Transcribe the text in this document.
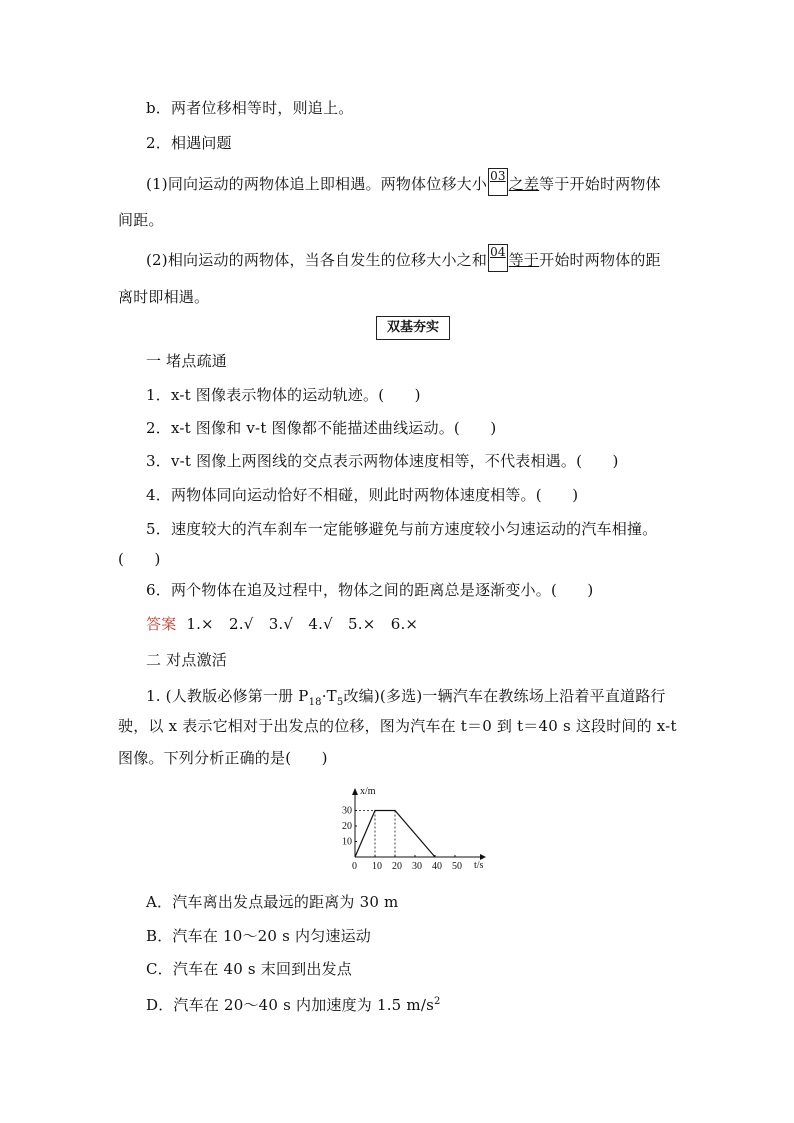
b．两者位移相等时，则追上。
2．相遇问题
(1)同向运动的两物体追上即相遇。两物体位移大小 03 之差等于开始时两物体
间距。
(2)相向运动的两物体，当各自发生的位移大小之和 04 等于开始时两物体的距
离时即相遇。
双基夯实
一 堵点疏通
1．x-t 图像表示物体的运动轨迹。(　　)
2．x-t 图像和 v-t 图像都不能描述曲线运动。(　　)
3．v-t 图像上两图线的交点表示两物体速度相等，不代表相遇。(　　)
4．两物体同向运动恰好不相碰，则此时两物体速度相等。(　　)
5．速度较大的汽车刹车一定能够避免与前方速度较小匀速运动的汽车相撞。
(　　)
6．两个物体在追及过程中，物体之间的距离总是逐渐变小。(　　)
答案 1.×　2.√　3.√　4.√　5.×　6.×
二 对点激活
1. (人教版必修第一册 $P_{18}\cdot T_5$改编)(多选)一辆汽车在教练场上沿着平直道路行
驶，以 x 表示它相对于出发点的位移，图为汽车在 t＝0 到 t＝40 s 这段时间的 x-t
图像。下列分析正确的是(　　)
x/m
t/s
0 10 20 30 40 50
10
20
30
A．汽车离出发点最远的距离为 30 m
B．汽车在 10～20 s 内匀速运动
C．汽车在 40 s 末回到出发点
D．汽车在 20～40 s 内加速度为 1.5 $m/s^2$
